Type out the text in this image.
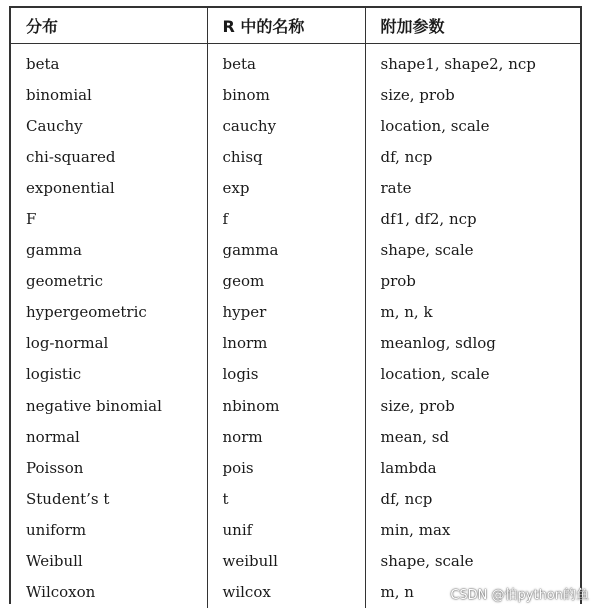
分布	R 中的名称	附加参数
beta	beta	shape1, shape2, ncp
binomial	binom	size, prob
Cauchy	cauchy	location, scale
chi-squared	chisq	df, ncp
exponential	exp	rate
F	f	df1, df2, ncp
gamma	gamma	shape, scale
geometric	geom	prob
hypergeometric	hyper	m, n, k
log-normal	lnorm	meanlog, sdlog
logistic	logis	location, scale
negative binomial	nbinom	size, prob
normal	norm	mean, sd
Poisson	pois	lambda
Student’s t	t	df, ncp
uniform	unif	min, max
Weibull	weibull	shape, scale
Wilcoxon	wilcox	m, n	CSDN @怕python的鱼
